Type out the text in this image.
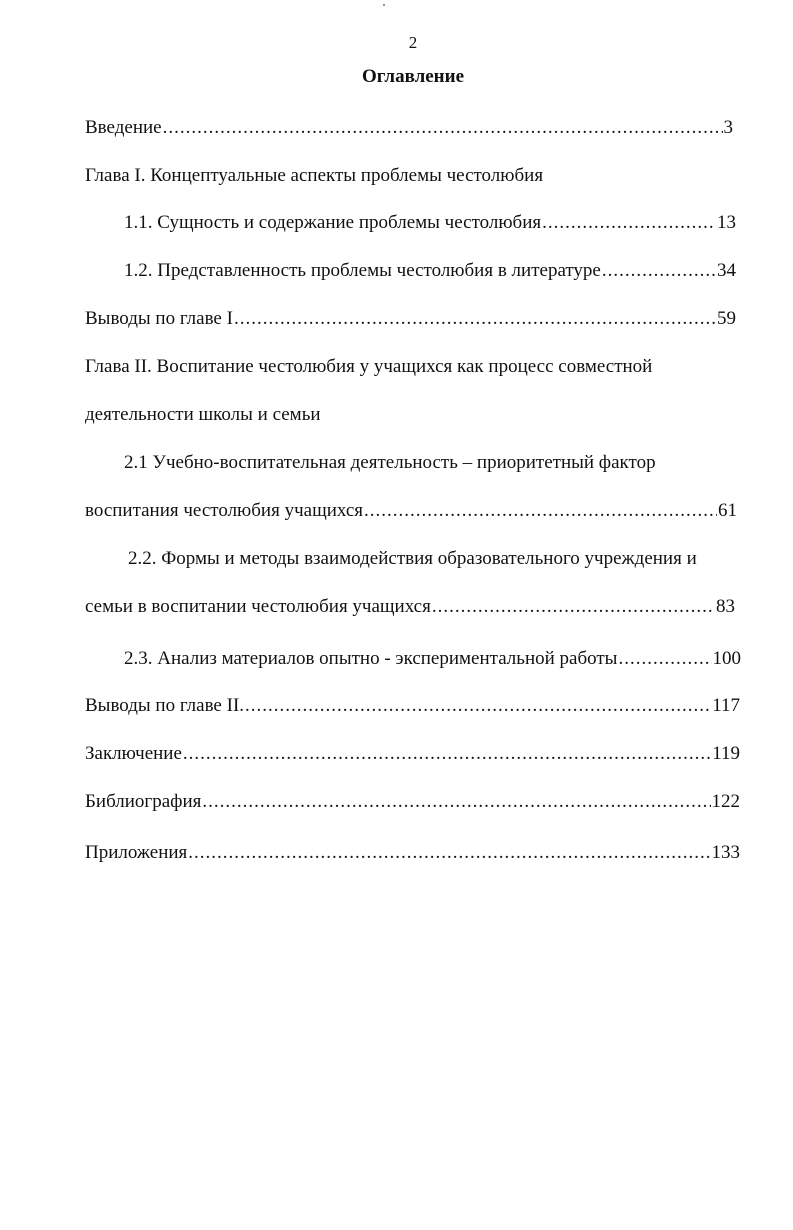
2
Оглавление
Введение .....	3
Глава I. Концептуальные аспекты проблемы честолюбия
1.1. Сущность и содержание проблемы честолюбия .....	13
1.2. Представленность проблемы честолюбия в литературе .....	34
Выводы по главе I .....	59
Глава II. Воспитание честолюбия у учащихся как процесс совместной
деятельности школы и семьи
2.1 Учебно-воспитательная деятельность – приоритетный фактор
воспитания честолюбия учащихся .....	61
2.2. Формы и методы взаимодействия образовательного учреждения и
семьи в воспитании честолюбия учащихся .....	83
2.3. Анализ материалов опытно - экспериментальной работы .....	100
Выводы по главе II. .....	117
Заключение .....	119
Библиография .....	122
Приложения .....	133
